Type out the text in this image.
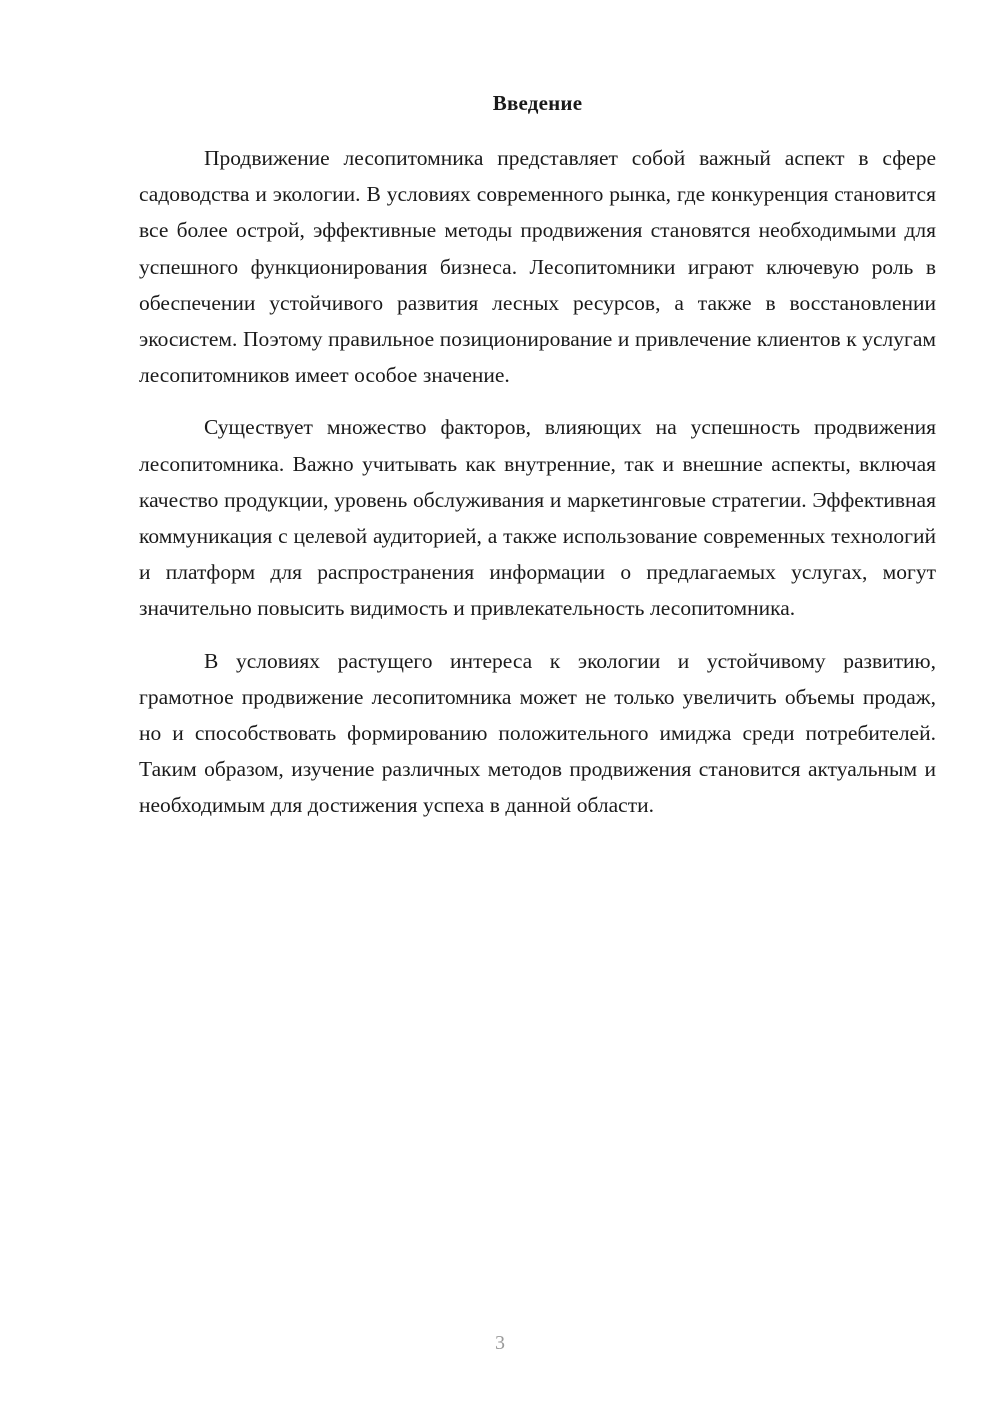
Введение

Продвижение лесопитомника представляет собой важный аспект в сфере садоводства и экологии. В условиях современного рынка, где конкуренция становится все более острой, эффективные методы продвижения становятся необходимыми для успешного функционирования бизнеса. Лесопитомники играют ключевую роль в обеспечении устойчивого развития лесных ресурсов, а также в восстановлении экосистем. Поэтому правильное позиционирование и привлечение клиентов к услугам лесопитомников имеет особое значение.

Существует множество факторов, влияющих на успешность продвижения лесопитомника. Важно учитывать как внутренние, так и внешние аспекты, включая качество продукции, уровень обслуживания и маркетинговые стратегии. Эффективная коммуникация с целевой аудиторией, а также использование современных технологий и платформ для распространения информации о предлагаемых услугах, могут значительно повысить видимость и привлекательность лесопитомника.

В условиях растущего интереса к экологии и устойчивому развитию, грамотное продвижение лесопитомника может не только увеличить объемы продаж, но и способствовать формированию положительного имиджа среди потребителей. Таким образом, изучение различных методов продвижения становится актуальным и необходимым для достижения успеха в данной области.

3
